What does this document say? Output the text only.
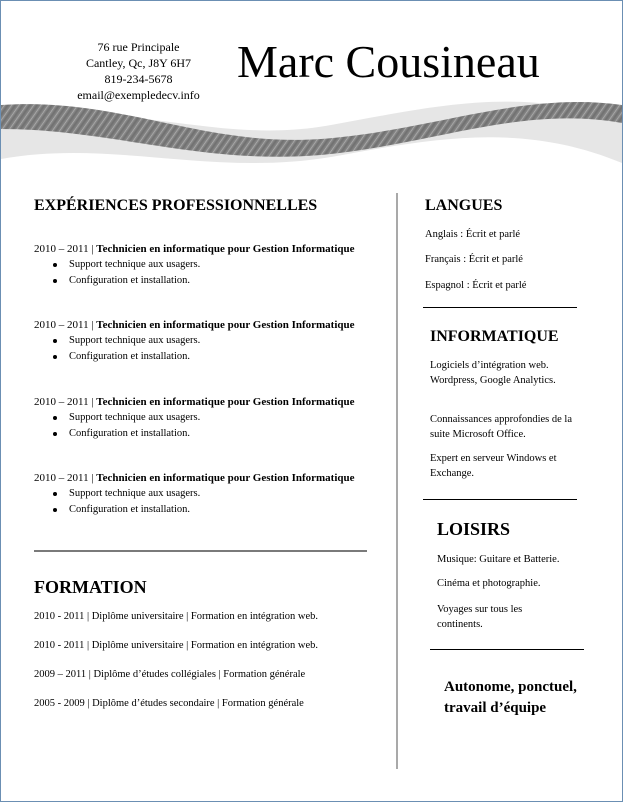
76 rue Principale
Cantley, Qc, J8Y 6H7
819-234-5678
email@exempledecv.info
Marc Cousineau
EXPÉRIENCES PROFESSIONNELLES
2010 – 2011 | Technicien en informatique pour Gestion Informatique
Support technique aux usagers.
Configuration et installation.
2010 – 2011 | Technicien en informatique pour Gestion Informatique
Support technique aux usagers.
Configuration et installation.
2010 – 2011 | Technicien en informatique pour Gestion Informatique
Support technique aux usagers.
Configuration et installation.
2010 – 2011 | Technicien en informatique pour Gestion Informatique
Support technique aux usagers.
Configuration et installation.
FORMATION
2010 - 2011 | Diplôme universitaire | Formation en intégration web.
2010 - 2011 | Diplôme universitaire | Formation en intégration web.
2009 – 2011 | Diplôme d’études collégiales | Formation générale
2005 - 2009 | Diplôme d’études secondaire | Formation générale
LANGUES
Anglais : Écrit et parlé
Français : Écrit et parlé
Espagnol : Écrit et parlé
INFORMATIQUE
Logiciels d’intégration web. Wordpress, Google Analytics.
Connaissances approfondies de la suite Microsoft Office.
Expert en serveur Windows et Exchange.
LOISIRS
Musique: Guitare et Batterie.
Cinéma et photographie.
Voyages sur tous les continents.
Autonome, ponctuel, travail d’équipe
